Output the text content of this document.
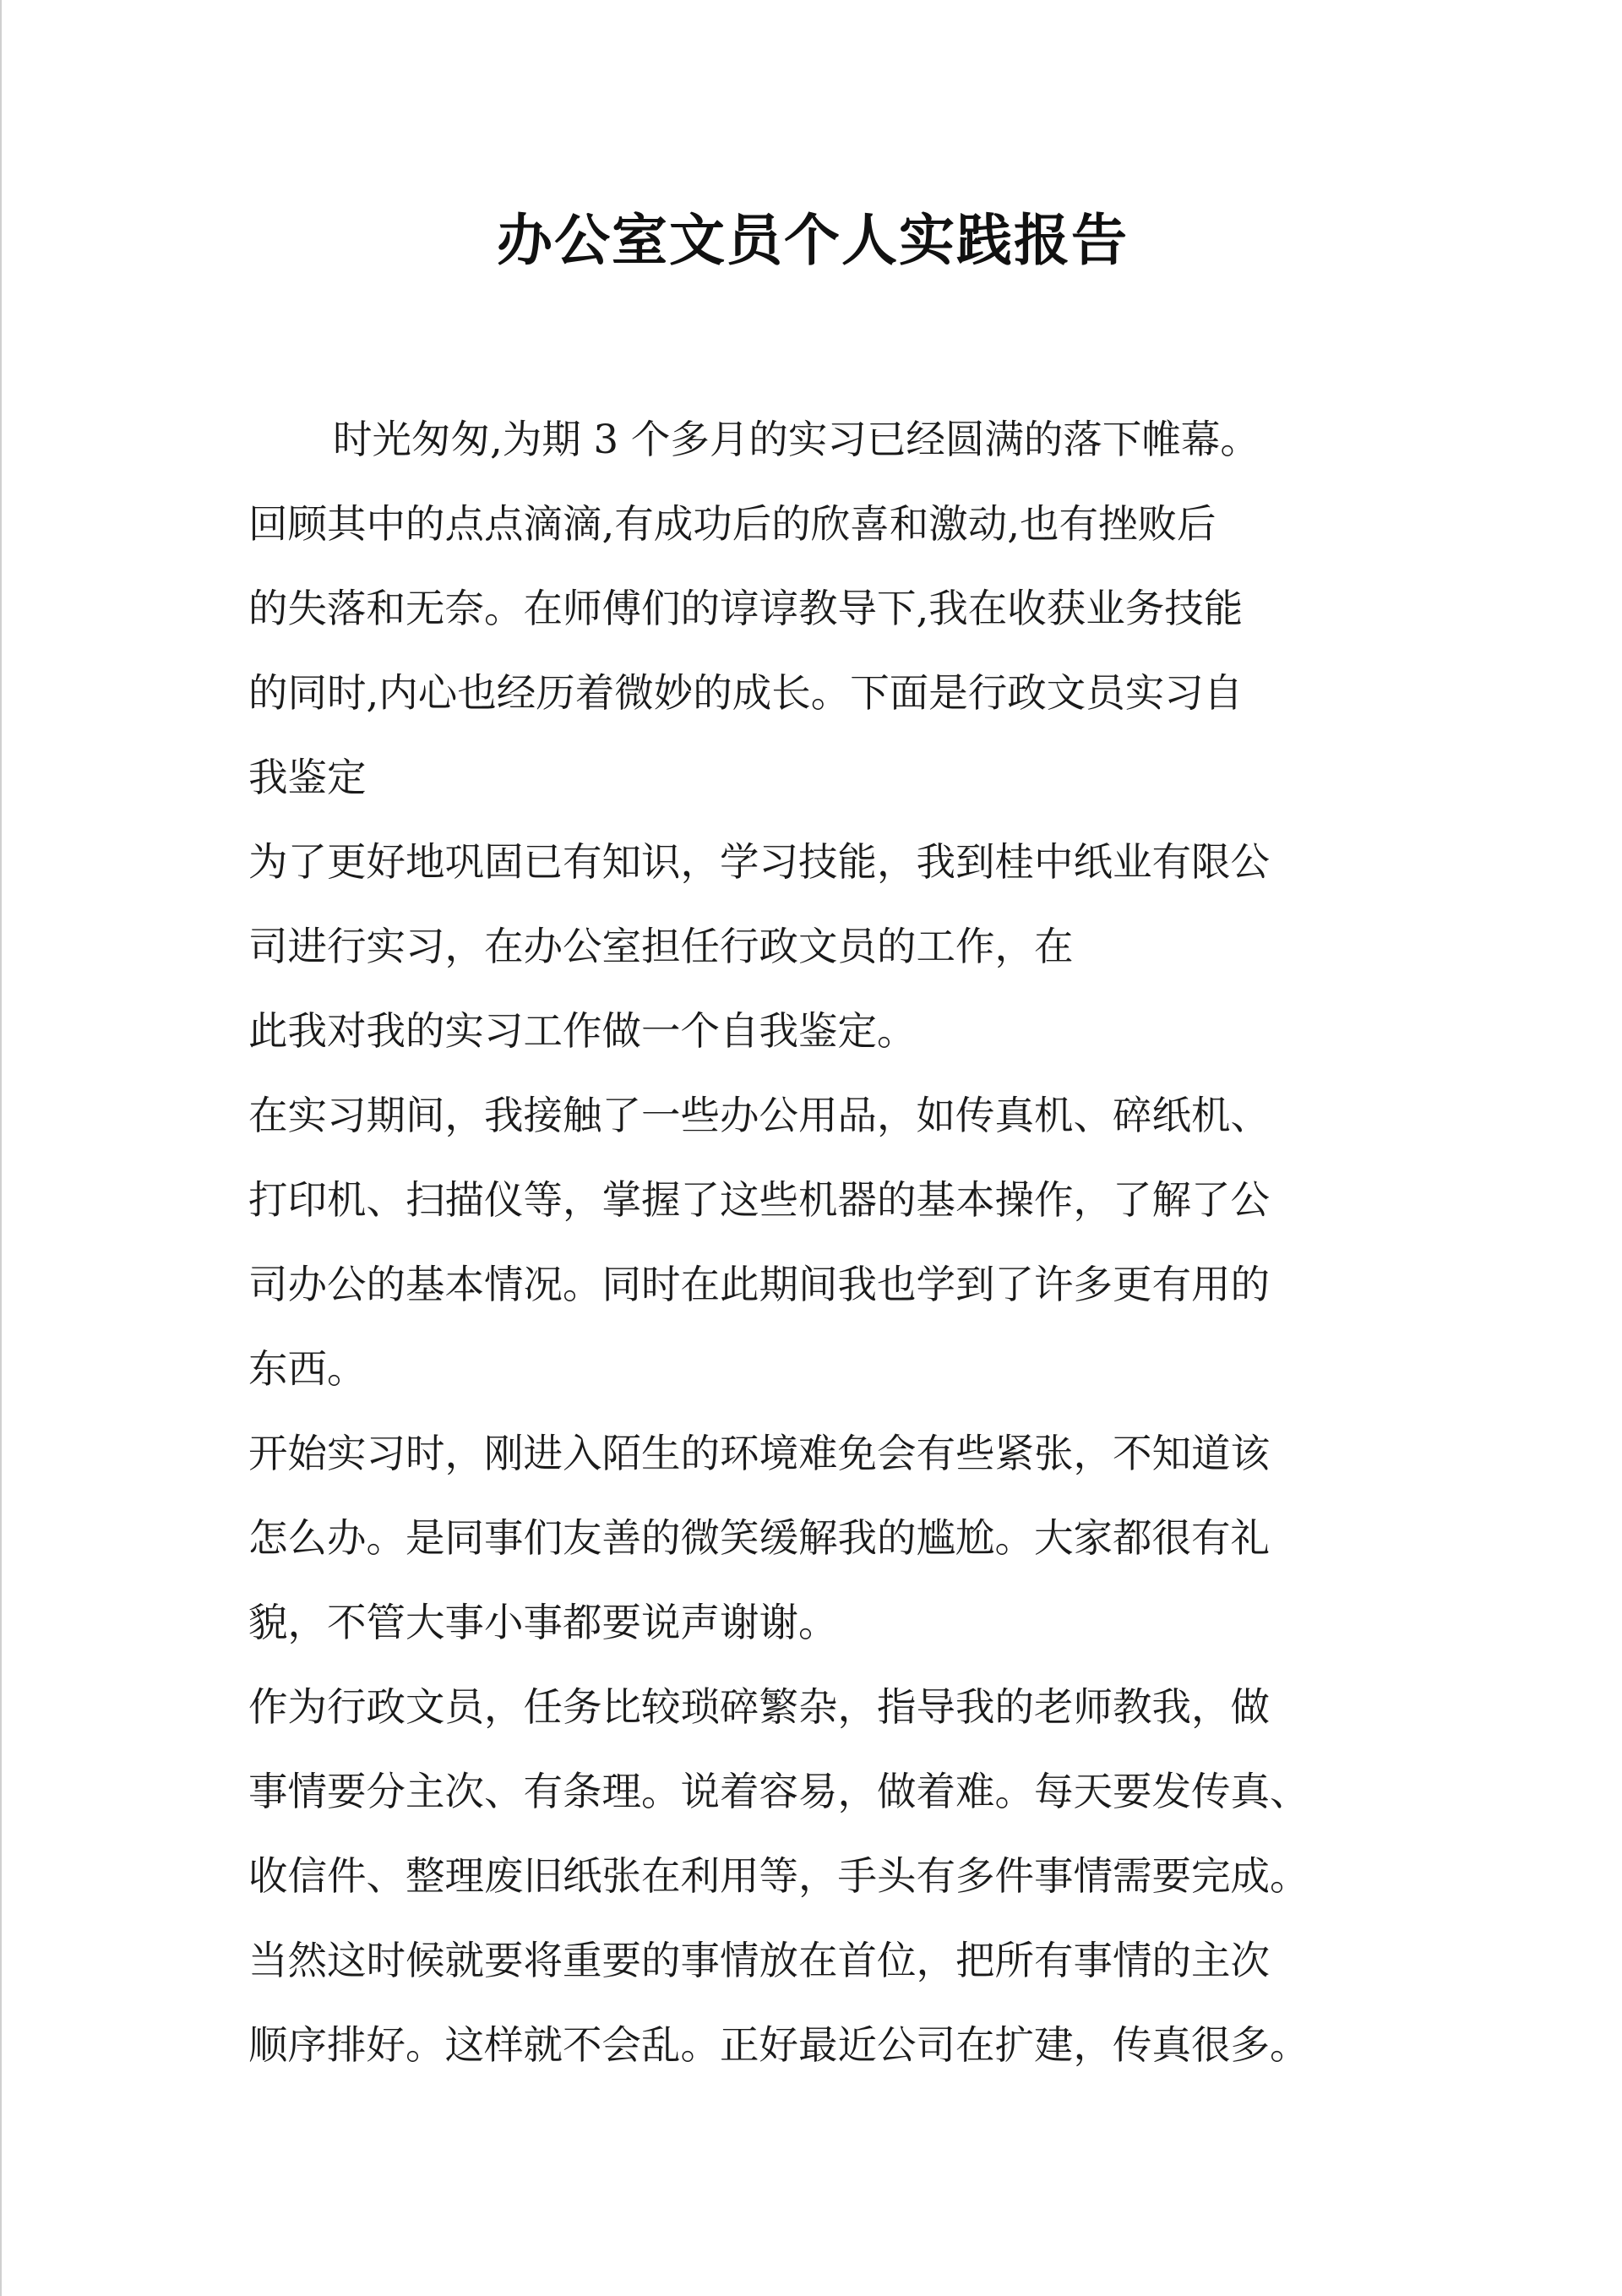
办公室文员个人实践报告

时光匆匆,为期 3 个多月的实习已经圆满的落下帷幕。

回顾其中的点点滴滴,有成功后的欣喜和激动,也有挫败后

的失落和无奈。在师傅们的谆谆教导下,我在收获业务技能

的同时,内心也经历着微妙的成长。下面是行政文员实习自

我鉴定

为了更好地巩固已有知识，学习技能，我到桂中纸业有限公

司进行实习，在办公室担任行政文员的工作，在

此我对我的实习工作做一个自我鉴定。

在实习期间，我接触了一些办公用品，如传真机、碎纸机、

打印机、扫描仪等，掌握了这些机器的基本操作，了解了公

司办公的基本情况。同时在此期间我也学到了许多更有用的

东西。

开始实习时，刚进入陌生的环境难免会有些紧张，不知道该

怎么办。是同事们友善的微笑缓解我的尴尬。大家都很有礼

貌，不管大事小事都要说声谢谢。

作为行政文员，任务比较琐碎繁杂，指导我的老师教我，做

事情要分主次、有条理。说着容易，做着难。每天要发传真、

收信件、整理废旧纸张在利用等，手头有多件事情需要完成。

当然这时候就要将重要的事情放在首位，把所有事情的主次

顺序排好。这样就不会乱。正好最近公司在扩建，传真很多。
